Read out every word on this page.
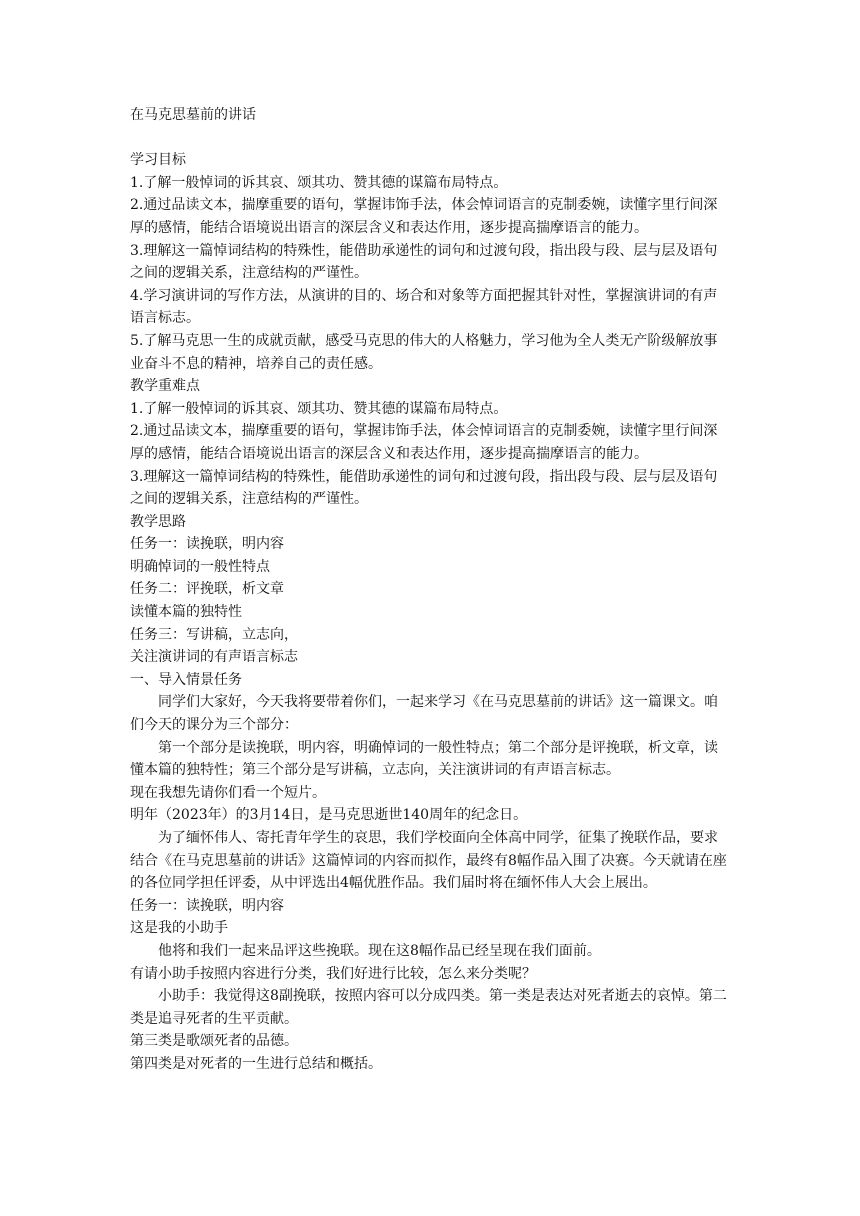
在马克思墓前的讲话

学习目标

1.了解一般悼词的诉其哀、颂其功、赞其德的谋篇布局特点。

2.通过品读文本，揣摩重要的语句，掌握讳饰手法，体会悼词语言的克制委婉，读懂字里行间深厚的感情，能结合语境说出语言的深层含义和表达作用，逐步提高揣摩语言的能力。

3.理解这一篇悼词结构的特殊性，能借助承递性的词句和过渡句段，指出段与段、层与层及语句之间的逻辑关系，注意结构的严谨性。

4.学习演讲词的写作方法，从演讲的目的、场合和对象等方面把握其针对性，掌握演讲词的有声语言标志。

5.了解马克思一生的成就贡献，感受马克思的伟大的人格魅力，学习他为全人类无产阶级解放事业奋斗不息的精神，培养自己的责任感。

教学重难点

1.了解一般悼词的诉其哀、颂其功、赞其德的谋篇布局特点。

2.通过品读文本，揣摩重要的语句，掌握讳饰手法，体会悼词语言的克制委婉，读懂字里行间深厚的感情，能结合语境说出语言的深层含义和表达作用，逐步提高揣摩语言的能力。

3.理解这一篇悼词结构的特殊性，能借助承递性的词句和过渡句段，指出段与段、层与层及语句之间的逻辑关系，注意结构的严谨性。

教学思路

任务一：读挽联，明内容

明确悼词的一般性特点

任务二：评挽联，析文章

读懂本篇的独特性

任务三：写讲稿，立志向，

关注演讲词的有声语言标志

一、导入情景任务

同学们大家好，今天我将要带着你们，一起来学习《在马克思墓前的讲话》这一篇课文。咱们今天的课分为三个部分：

第一个部分是读挽联，明内容，明确悼词的一般性特点；第二个部分是评挽联，析文章，读懂本篇的独特性；第三个部分是写讲稿，立志向，关注演讲词的有声语言标志。

现在我想先请你们看一个短片。

明年（2023年）的3月14日，是马克思逝世140周年的纪念日。

为了缅怀伟人、寄托青年学生的哀思，我们学校面向全体高中同学，征集了挽联作品，要求结合《在马克思墓前的讲话》这篇悼词的内容而拟作，最终有8幅作品入围了决赛。今天就请在座的各位同学担任评委，从中评选出4幅优胜作品。我们届时将在缅怀伟人大会上展出。

任务一：读挽联，明内容

这是我的小助手

他将和我们一起来品评这些挽联。现在这8幅作品已经呈现在我们面前。

有请小助手按照内容进行分类，我们好进行比较，怎么来分类呢？

小助手：我觉得这8副挽联，按照内容可以分成四类。第一类是表达对死者逝去的哀悼。第二类是追寻死者的生平贡献。

第三类是歌颂死者的品德。

第四类是对死者的一生进行总结和概括。
